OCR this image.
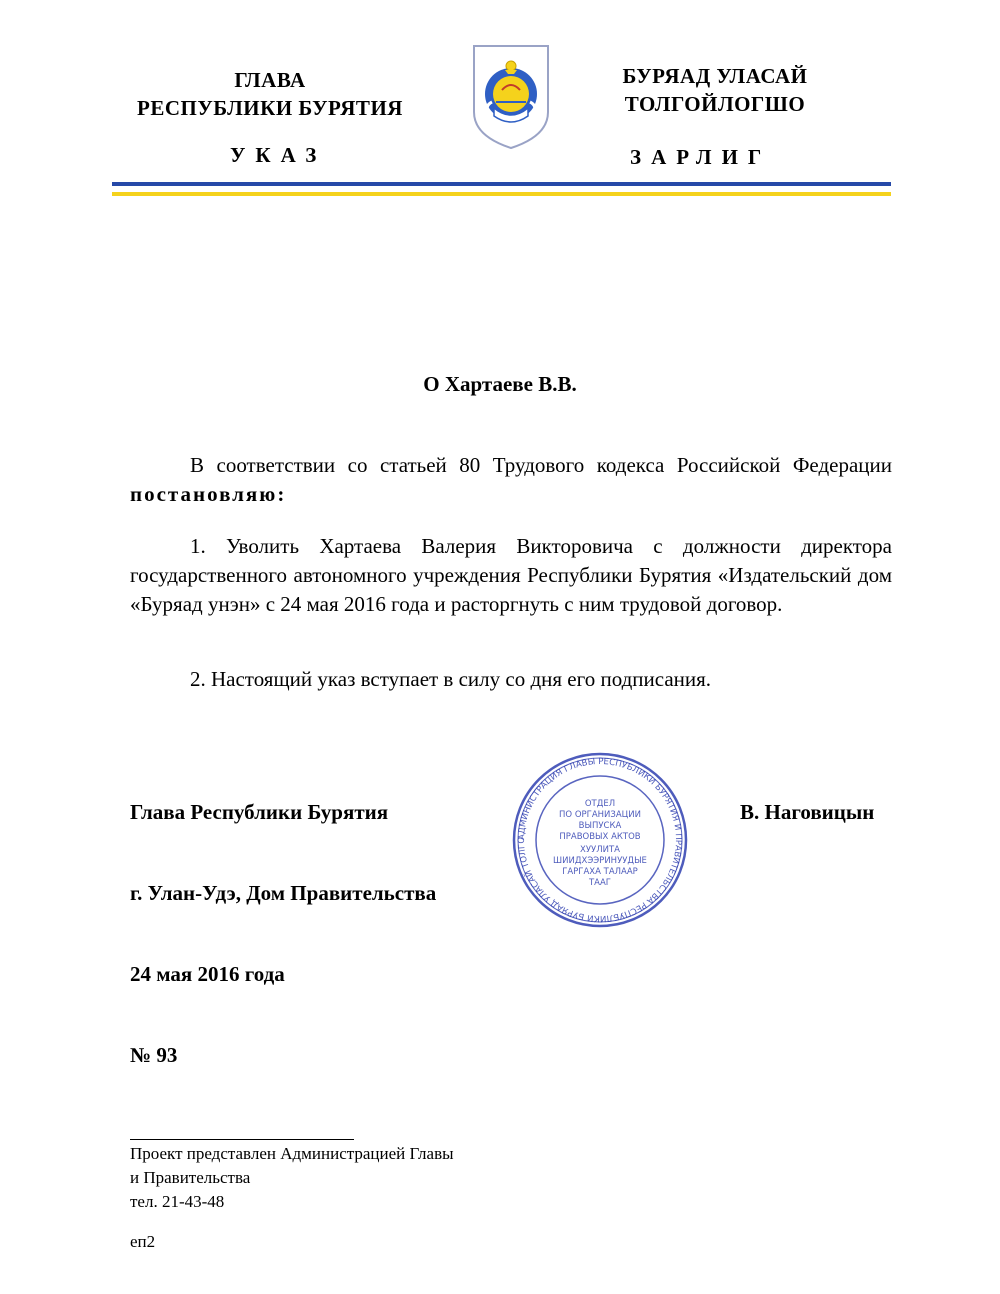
ГЛАВА
РЕСПУБЛИКИ БУРЯТИЯ
БУРЯАД УЛАСАЙ
ТОЛГОЙЛОГШО
УКАЗ	ЗАРЛИГ
О Хартаеве В.В.
В соответствии со статьей 80 Трудового кодекса Российской Федерации постановляю:
1. Уволить Хартаева Валерия Викторовича с должности директора государственного автономного учреждения Республики Бурятия «Издательский дом «Буряад унэн» с 24 мая 2016 года и расторгнуть с ним трудовой договор.
2. Настоящий указ вступает в силу со дня его подписания.
АДМИНИСТРАЦИЯ ГЛАВЫ РЕСПУБЛИКИ БУРЯТИЯ И ПРАВИТЕЛЬСТВА РЕСПУБЛИКИ БУРЯАД УЛАСАЙ ТОЛГО
ОТДЕЛ
ПО ОРГАНИЗАЦИИ
ВЫПУСКА
ПРАВОВЫХ АКТОВ
ХУУЛИТА
ШИИДХЭЭРИНУУДЫЕ
ГАРГАХА ТАЛААР
ТААГ
Глава Республики Бурятия	В. Наговицын
г. Улан-Удэ, Дом Правительства
24 мая 2016 года
№ 93
Проект представлен Администрацией Главы
и Правительства
тел. 21-43-48
еп2
